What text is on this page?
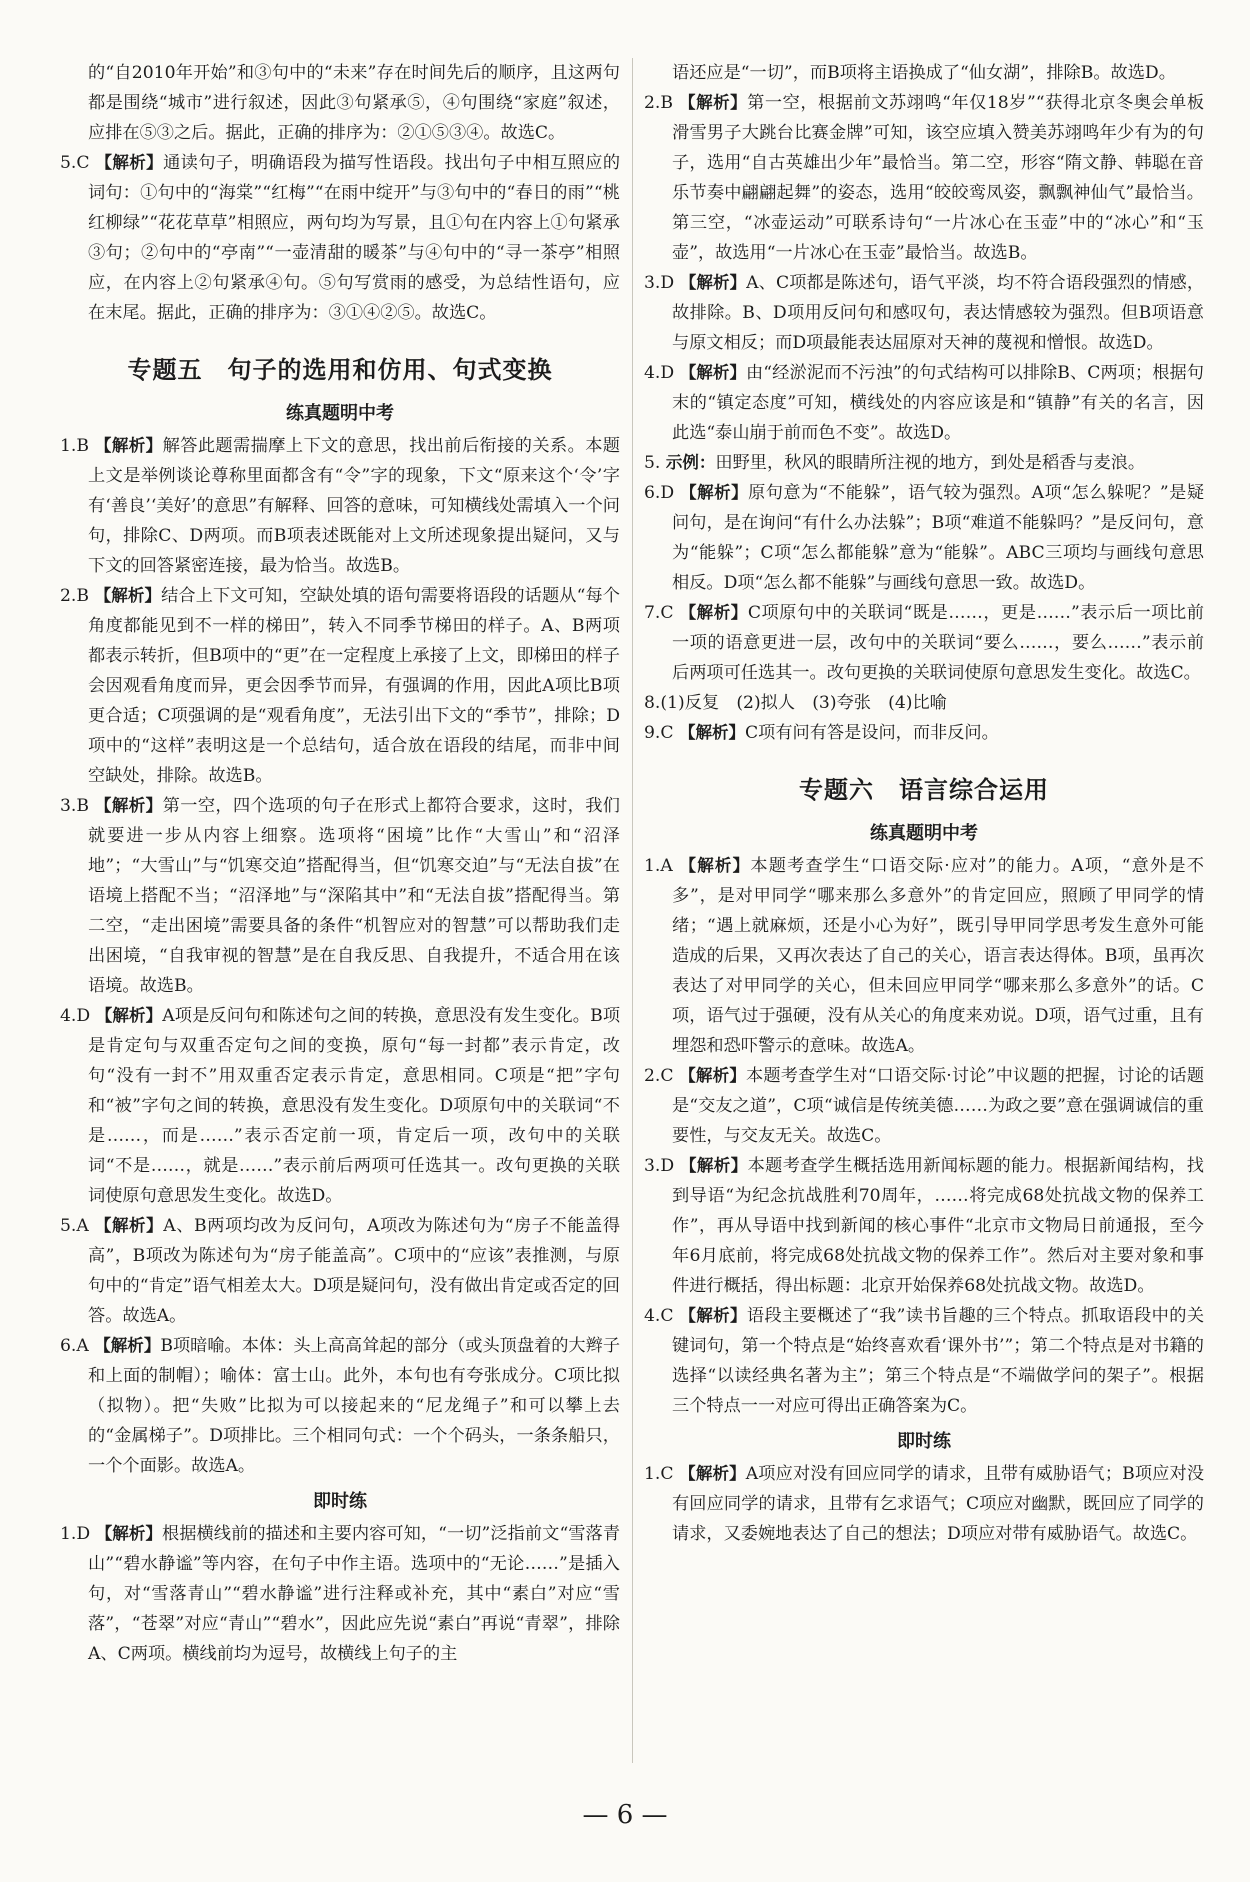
的“自2010年开始”和③句中的“未来”存在时间先后的顺序，且这两句都是围绕“城市”进行叙述，因此③句紧承⑤，④句围绕“家庭”叙述，应排在⑤③之后。据此，正确的排序为：②①⑤③④。故选C。

5.C 【解析】通读句子，明确语段为描写性语段。找出句子中相互照应的词句：①句中的“海棠”“红梅”“在雨中绽开”与③句中的“春日的雨”“桃红柳绿”“花花草草”相照应，两句均为写景，且①句在内容上①句紧承③句；②句中的“亭南”“一壶清甜的暖茶”与④句中的“寻一茶亭”相照应，在内容上②句紧承④句。⑤句写赏雨的感受，为总结性语句，应在末尾。据此，正确的排序为：③①④②⑤。故选C。

专题五　句子的选用和仿用、句式变换
练真题明中考

1.B 【解析】解答此题需揣摩上下文的意思，找出前后衔接的关系。本题上文是举例谈论尊称里面都含有“令”字的现象，下文“原来这个‘令’字有‘善良’‘美好’的意思”有解释、回答的意味，可知横线处需填入一个问句，排除C、D两项。而B项表述既能对上文所述现象提出疑问，又与下文的回答紧密连接，最为恰当。故选B。

2.B 【解析】结合上下文可知，空缺处填的语句需要将语段的话题从“每个角度都能见到不一样的梯田”，转入不同季节梯田的样子。A、B两项都表示转折，但B项中的“更”在一定程度上承接了上文，即梯田的样子会因观看角度而异，更会因季节而异，有强调的作用，因此A项比B项更合适；C项强调的是“观看角度”，无法引出下文的“季节”，排除；D项中的“这样”表明这是一个总结句，适合放在语段的结尾，而非中间空缺处，排除。故选B。

3.B 【解析】第一空，四个选项的句子在形式上都符合要求，这时，我们就要进一步从内容上细察。选项将“困境”比作“大雪山”和“沼泽地”；“大雪山”与“饥寒交迫”搭配得当，但“饥寒交迫”与“无法自拔”在语境上搭配不当；“沼泽地”与“深陷其中”和“无法自拔”搭配得当。第二空，“走出困境”需要具备的条件“机智应对的智慧”可以帮助我们走出困境，“自我审视的智慧”是在自我反思、自我提升，不适合用在该语境。故选B。

4.D 【解析】A项是反问句和陈述句之间的转换，意思没有发生变化。B项是肯定句与双重否定句之间的变换，原句“每一封都”表示肯定，改句“没有一封不”用双重否定表示肯定，意思相同。C项是“把”字句和“被”字句之间的转换，意思没有发生变化。D项原句中的关联词“不是……，而是……”表示否定前一项，肯定后一项，改句中的关联词“不是……，就是……”表示前后两项可任选其一。改句更换的关联词使原句意思发生变化。故选D。

5.A 【解析】A、B两项均改为反问句，A项改为陈述句为“房子不能盖得高”，B项改为陈述句为“房子能盖高”。C项中的“应该”表推测，与原句中的“肯定”语气相差太大。D项是疑问句，没有做出肯定或否定的回答。故选A。

6.A 【解析】B项暗喻。本体：头上高高耸起的部分（或头顶盘着的大辫子和上面的制帽）；喻体：富士山。此外，本句也有夸张成分。C项比拟（拟物）。把“失败”比拟为可以接起来的“尼龙绳子”和可以攀上去的“金属梯子”。D项排比。三个相同句式：一个个码头，一条条船只，一个个面影。故选A。

即时练

1.D 【解析】根据横线前的描述和主要内容可知，“一切”泛指前文“雪落青山”“碧水静谧”等内容，在句子中作主语。选项中的“无论……”是插入句，对“雪落青山”“碧水静谧”进行注释或补充，其中“素白”对应“雪落”，“苍翠”对应“青山”“碧水”，因此应先说“素白”再说“青翠”，排除A、C两项。横线前均为逗号，故横线上句子的主

语还应是“一切”，而B项将主语换成了“仙女湖”，排除B。故选D。

2.B 【解析】第一空，根据前文苏翊鸣“年仅18岁”“获得北京冬奥会单板滑雪男子大跳台比赛金牌”可知，该空应填入赞美苏翊鸣年少有为的句子，选用“自古英雄出少年”最恰当。第二空，形容“隋文静、韩聪在音乐节奏中翩翩起舞”的姿态，选用“皎皎鸾凤姿，飘飘神仙气”最恰当。第三空，“冰壶运动”可联系诗句“一片冰心在玉壶”中的“冰心”和“玉壶”，故选用“一片冰心在玉壶”最恰当。故选B。

3.D 【解析】A、C项都是陈述句，语气平淡，均不符合语段强烈的情感，故排除。B、D项用反问句和感叹句，表达情感较为强烈。但B项语意与原文相反；而D项最能表达屈原对天神的蔑视和憎恨。故选D。

4.D 【解析】由“经淤泥而不污浊”的句式结构可以排除B、C两项；根据句末的“镇定态度”可知，横线处的内容应该是和“镇静”有关的名言，因此选“泰山崩于前而色不变”。故选D。

5. 示例：田野里，秋风的眼睛所注视的地方，到处是稻香与麦浪。

6.D 【解析】原句意为“不能躲”，语气较为强烈。A项“怎么躲呢？”是疑问句，是在询问“有什么办法躲”；B项“难道不能躲吗？”是反问句，意为“能躲”；C项“怎么都能躲”意为“能躲”。ABC三项均与画线句意思相反。D项“怎么都不能躲”与画线句意思一致。故选D。

7.C 【解析】C项原句中的关联词“既是……，更是……”表示后一项比前一项的语意更进一层，改句中的关联词“要么……，要么……”表示前后两项可任选其一。改句更换的关联词使原句意思发生变化。故选C。

8.(1)反复　(2)拟人　(3)夸张　(4)比喻

9.C 【解析】C项有问有答是设问，而非反问。

专题六　语言综合运用
练真题明中考

1.A 【解析】本题考查学生“口语交际·应对”的能力。A项，“意外是不多”，是对甲同学“哪来那么多意外”的肯定回应，照顾了甲同学的情绪；“遇上就麻烦，还是小心为好”，既引导甲同学思考发生意外可能造成的后果，又再次表达了自己的关心，语言表达得体。B项，虽再次表达了对甲同学的关心，但未回应甲同学“哪来那么多意外”的话。C项，语气过于强硬，没有从关心的角度来劝说。D项，语气过重，且有埋怨和恐吓警示的意味。故选A。

2.C 【解析】本题考查学生对“口语交际·讨论”中议题的把握，讨论的话题是“交友之道”，C项“诚信是传统美德……为政之要”意在强调诚信的重要性，与交友无关。故选C。

3.D 【解析】本题考查学生概括选用新闻标题的能力。根据新闻结构，找到导语“为纪念抗战胜利70周年，……将完成68处抗战文物的保养工作”，再从导语中找到新闻的核心事件“北京市文物局日前通报，至今年6月底前，将完成68处抗战文物的保养工作”。然后对主要对象和事件进行概括，得出标题：北京开始保养68处抗战文物。故选D。

4.C 【解析】语段主要概述了“我”读书旨趣的三个特点。抓取语段中的关键词句，第一个特点是“始终喜欢看‘课外书’”；第二个特点是对书籍的选择“以读经典名著为主”；第三个特点是“不端做学问的架子”。根据三个特点一一对应可得出正确答案为C。

即时练

1.C 【解析】A项应对没有回应同学的请求，且带有威胁语气；B项应对没有回应同学的请求，且带有乞求语气；C项应对幽默，既回应了同学的请求，又委婉地表达了自己的想法；D项应对带有威胁语气。故选C。

— 6 —
